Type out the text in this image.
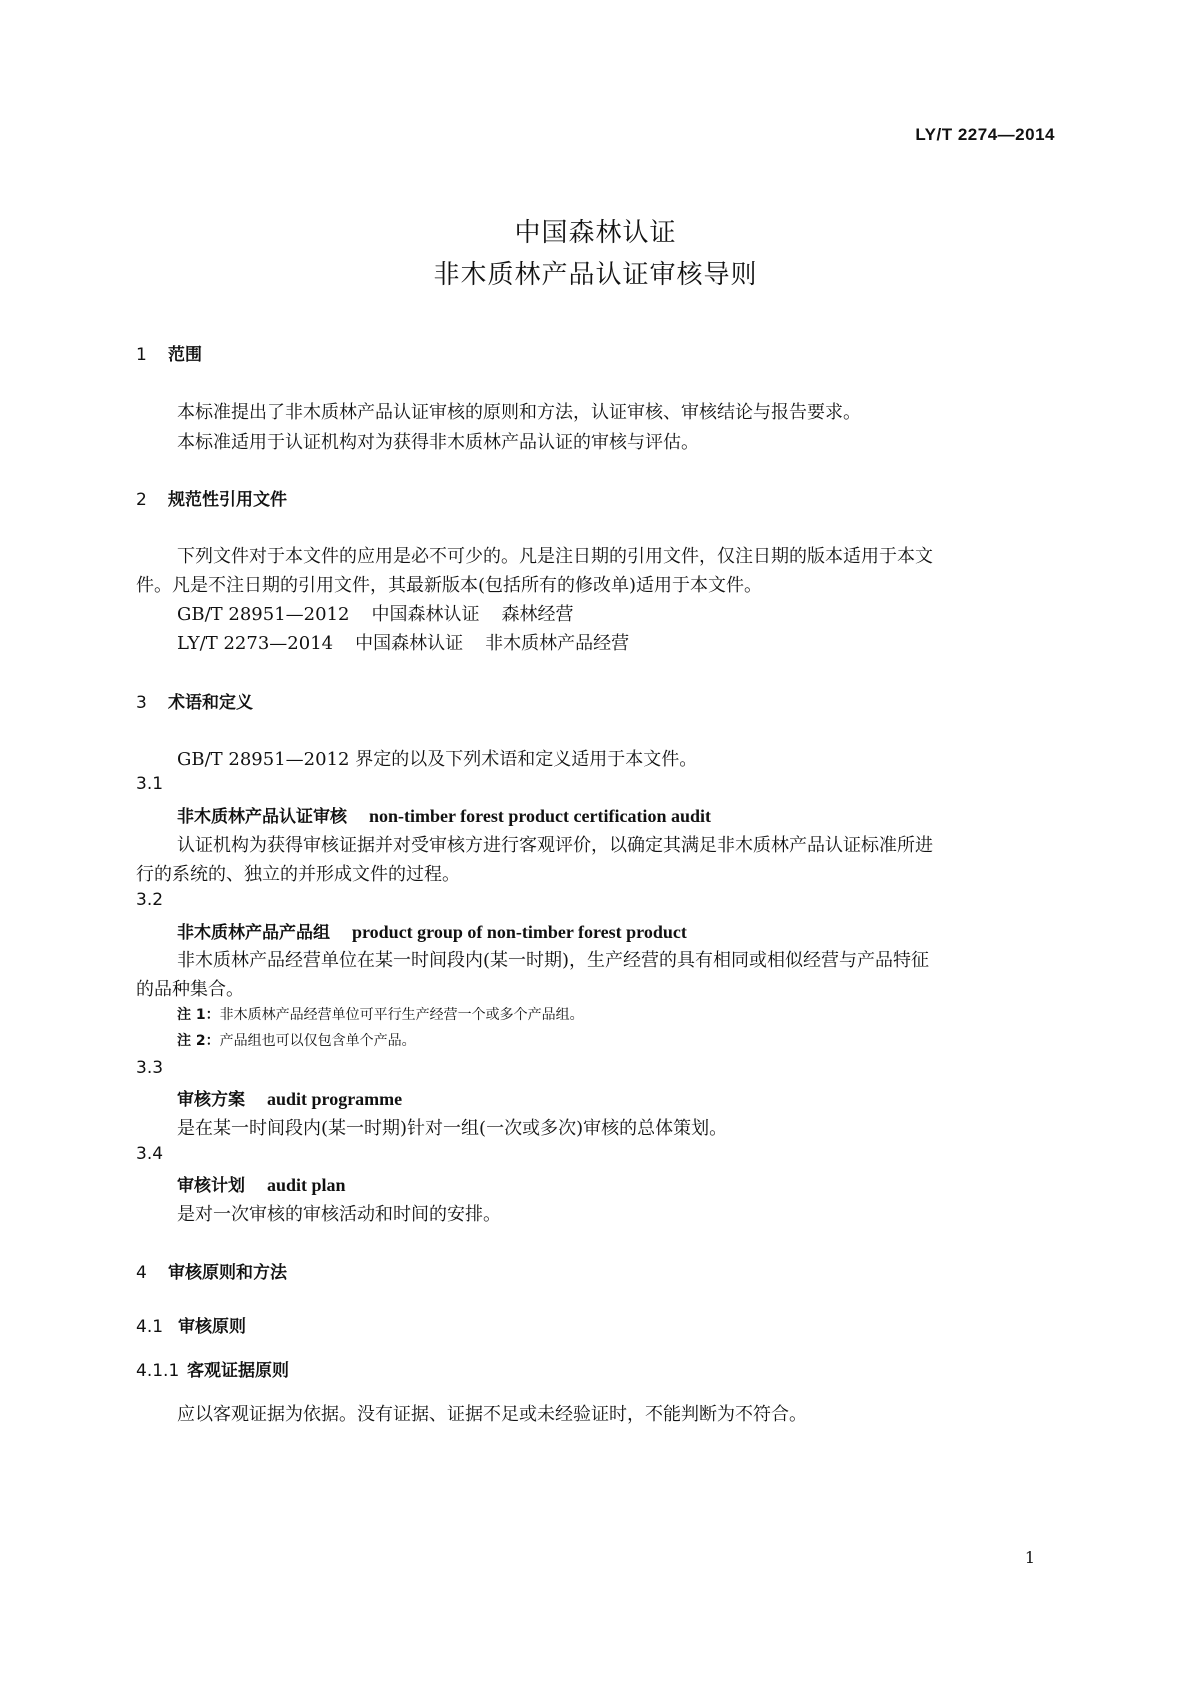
LY/T 2274—2014
中国森林认证
非木质林产品认证审核导则
1 范围
本标准提出了非木质林产品认证审核的原则和方法，认证审核、审核结论与报告要求。
本标准适用于认证机构对为获得非木质林产品认证的审核与评估。
2 规范性引用文件
下列文件对于本文件的应用是必不可少的。凡是注日期的引用文件，仅注日期的版本适用于本文
件。凡是不注日期的引用文件，其最新版本(包括所有的修改单)适用于本文件。
GB/T 28951—2012 中国森林认证 森林经营
LY/T 2273—2014 中国森林认证 非木质林产品经营
3 术语和定义
GB/T 28951—2012 界定的以及下列术语和定义适用于本文件。
3.1
非木质林产品认证审核 non-timber forest product certification audit
认证机构为获得审核证据并对受审核方进行客观评价，以确定其满足非木质林产品认证标准所进
行的系统的、独立的并形成文件的过程。
3.2
非木质林产品产品组 product group of non-timber forest product
非木质林产品经营单位在某一时间段内(某一时期)，生产经营的具有相同或相似经营与产品特征
的品种集合。
注 1：非木质林产品经营单位可平行生产经营一个或多个产品组。
注 2：产品组也可以仅包含单个产品。
3.3
审核方案 audit programme
是在某一时间段内(某一时期)针对一组(一次或多次)审核的总体策划。
3.4
审核计划 audit plan
是对一次审核的审核活动和时间的安排。
4 审核原则和方法
4.1 审核原则
4.1.1 客观证据原则
应以客观证据为依据。没有证据、证据不足或未经验证时，不能判断为不符合。
1
